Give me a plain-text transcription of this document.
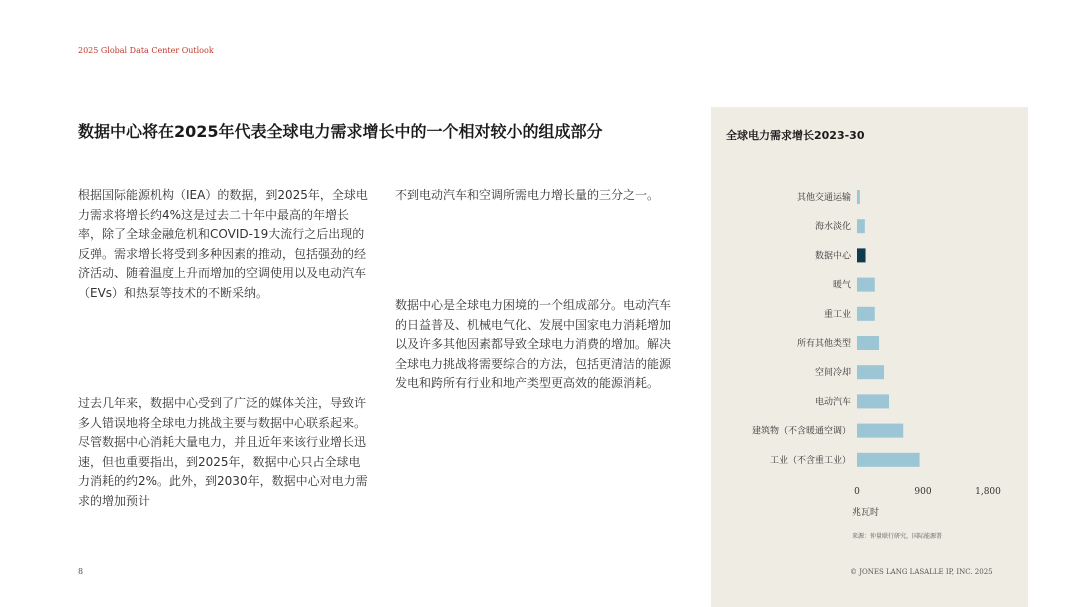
2025 Global Data Center Outlook
数据中心将在2025年代表全球电力需求增长中的一个相对较小的组成部分

根据国际能源机构（IEA）的数据，到2025年，全球电力需求将增长约4%这是过去二十年中最高的年增长率，除了全球金融危机和COVID-19大流行之后出现的反弹。需求增长将受到多种因素的推动，包括强劲的经济活动、随着温度上升而增加的空调使用以及电动汽车（EVs）和热泵等技术的不断采纳。

过去几年来，数据中心受到了广泛的媒体关注，导致许多人错误地将全球电力挑战主要与数据中心联系起来。尽管数据中心消耗大量电力，并且近年来该行业增长迅速，但也重要指出，到2025年，数据中心只占全球电力消耗的约2%。此外，到2030年，数据中心对电力需求的增加预计

不到电动汽车和空调所需电力增长量的三分之一。

数据中心是全球电力困境的一个组成部分。电动汽车的日益普及、机械电气化、发展中国家电力消耗增加以及许多其他因素都导致全球电力消费的增加。解决全球电力挑战将需要综合的方法，包括更清洁的能源发电和跨所有行业和地产类型更高效的能源消耗。

8
全球电力需求增长2023-30
其他交通运输
海水淡化
数据中心
暖气
重工业
所有其他类型
空间冷却
电动汽车
建筑物（不含暖通空调）
工业（不含重工业）
0	900	1,800
兆瓦时
来源：仲量联行研究，国际能源署
© JONES LANG LASALLE IP, INC. 2025
